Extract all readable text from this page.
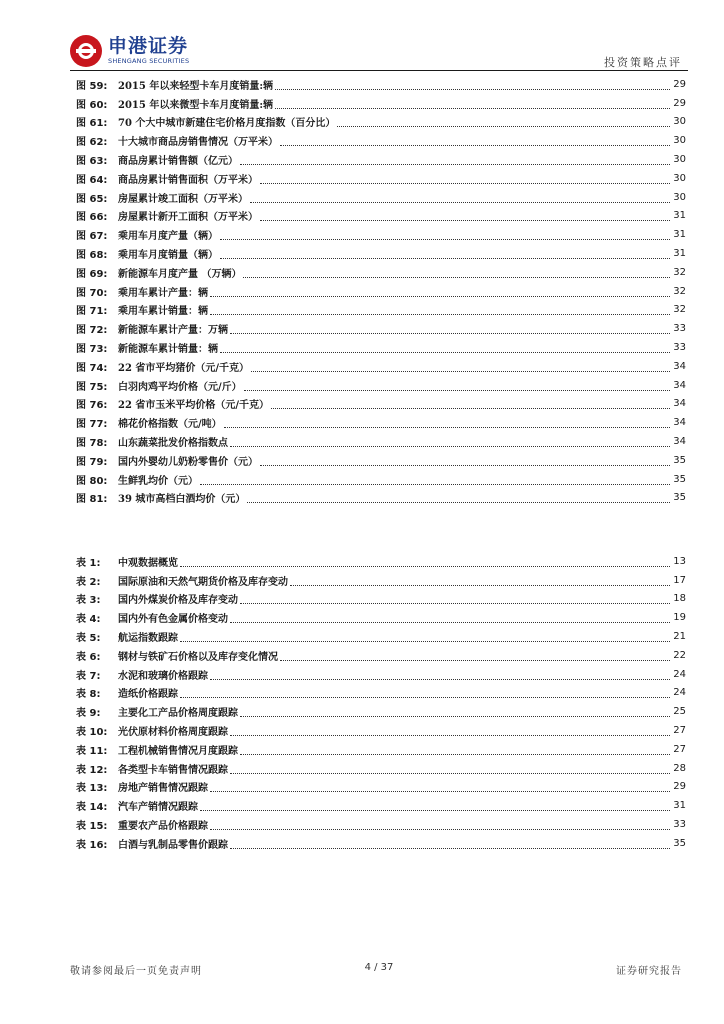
申港证券
SHENGANG SECURITIES	投资策略点评
图 59:	2015 年以来轻型卡车月度销量:辆	29
图 60:	2015 年以来微型卡车月度销量:辆	29
图 61:	70 个大中城市新建住宅价格月度指数（百分比）	30
图 62:	十大城市商品房销售情况（万平米）	30
图 63:	商品房累计销售额（亿元）	30
图 64:	商品房累计销售面积（万平米）	30
图 65:	房屋累计竣工面积（万平米）	30
图 66:	房屋累计新开工面积（万平米）	31
图 67:	乘用车月度产量（辆）	31
图 68:	乘用车月度销量（辆）	31
图 69:	新能源车月度产量 （万辆）	32
图 70:	乘用车累计产量：辆	32
图 71:	乘用车累计销量：辆	32
图 72:	新能源车累计产量：万辆	33
图 73:	新能源车累计销量：辆	33
图 74:	22 省市平均猪价（元/千克）	34
图 75:	白羽肉鸡平均价格（元/斤）	34
图 76:	22 省市玉米平均价格（元/千克）	34
图 77:	棉花价格指数（元/吨）	34
图 78:	山东蔬菜批发价格指数点	34
图 79:	国内外婴幼儿奶粉零售价（元）	35
图 80:	生鲜乳均价（元）	35
图 81:	39 城市高档白酒均价（元）	35
表 1:	中观数据概览	13
表 2:	国际原油和天然气期货价格及库存变动	17
表 3:	国内外煤炭价格及库存变动	18
表 4:	国内外有色金属价格变动	19
表 5:	航运指数跟踪	21
表 6:	钢材与铁矿石价格以及库存变化情况	22
表 7:	水泥和玻璃价格跟踪	24
表 8:	造纸价格跟踪	24
表 9:	主要化工产品价格周度跟踪	25
表 10:	光伏原材料价格周度跟踪	27
表 11:	工程机械销售情况月度跟踪	27
表 12:	各类型卡车销售情况跟踪	28
表 13:	房地产销售情况跟踪	29
表 14:	汽车产销情况跟踪	31
表 15:	重要农产品价格跟踪	33
表 16:	白酒与乳制品零售价跟踪	35
敬请参阅最后一页免责声明	4 / 37	证券研究报告
